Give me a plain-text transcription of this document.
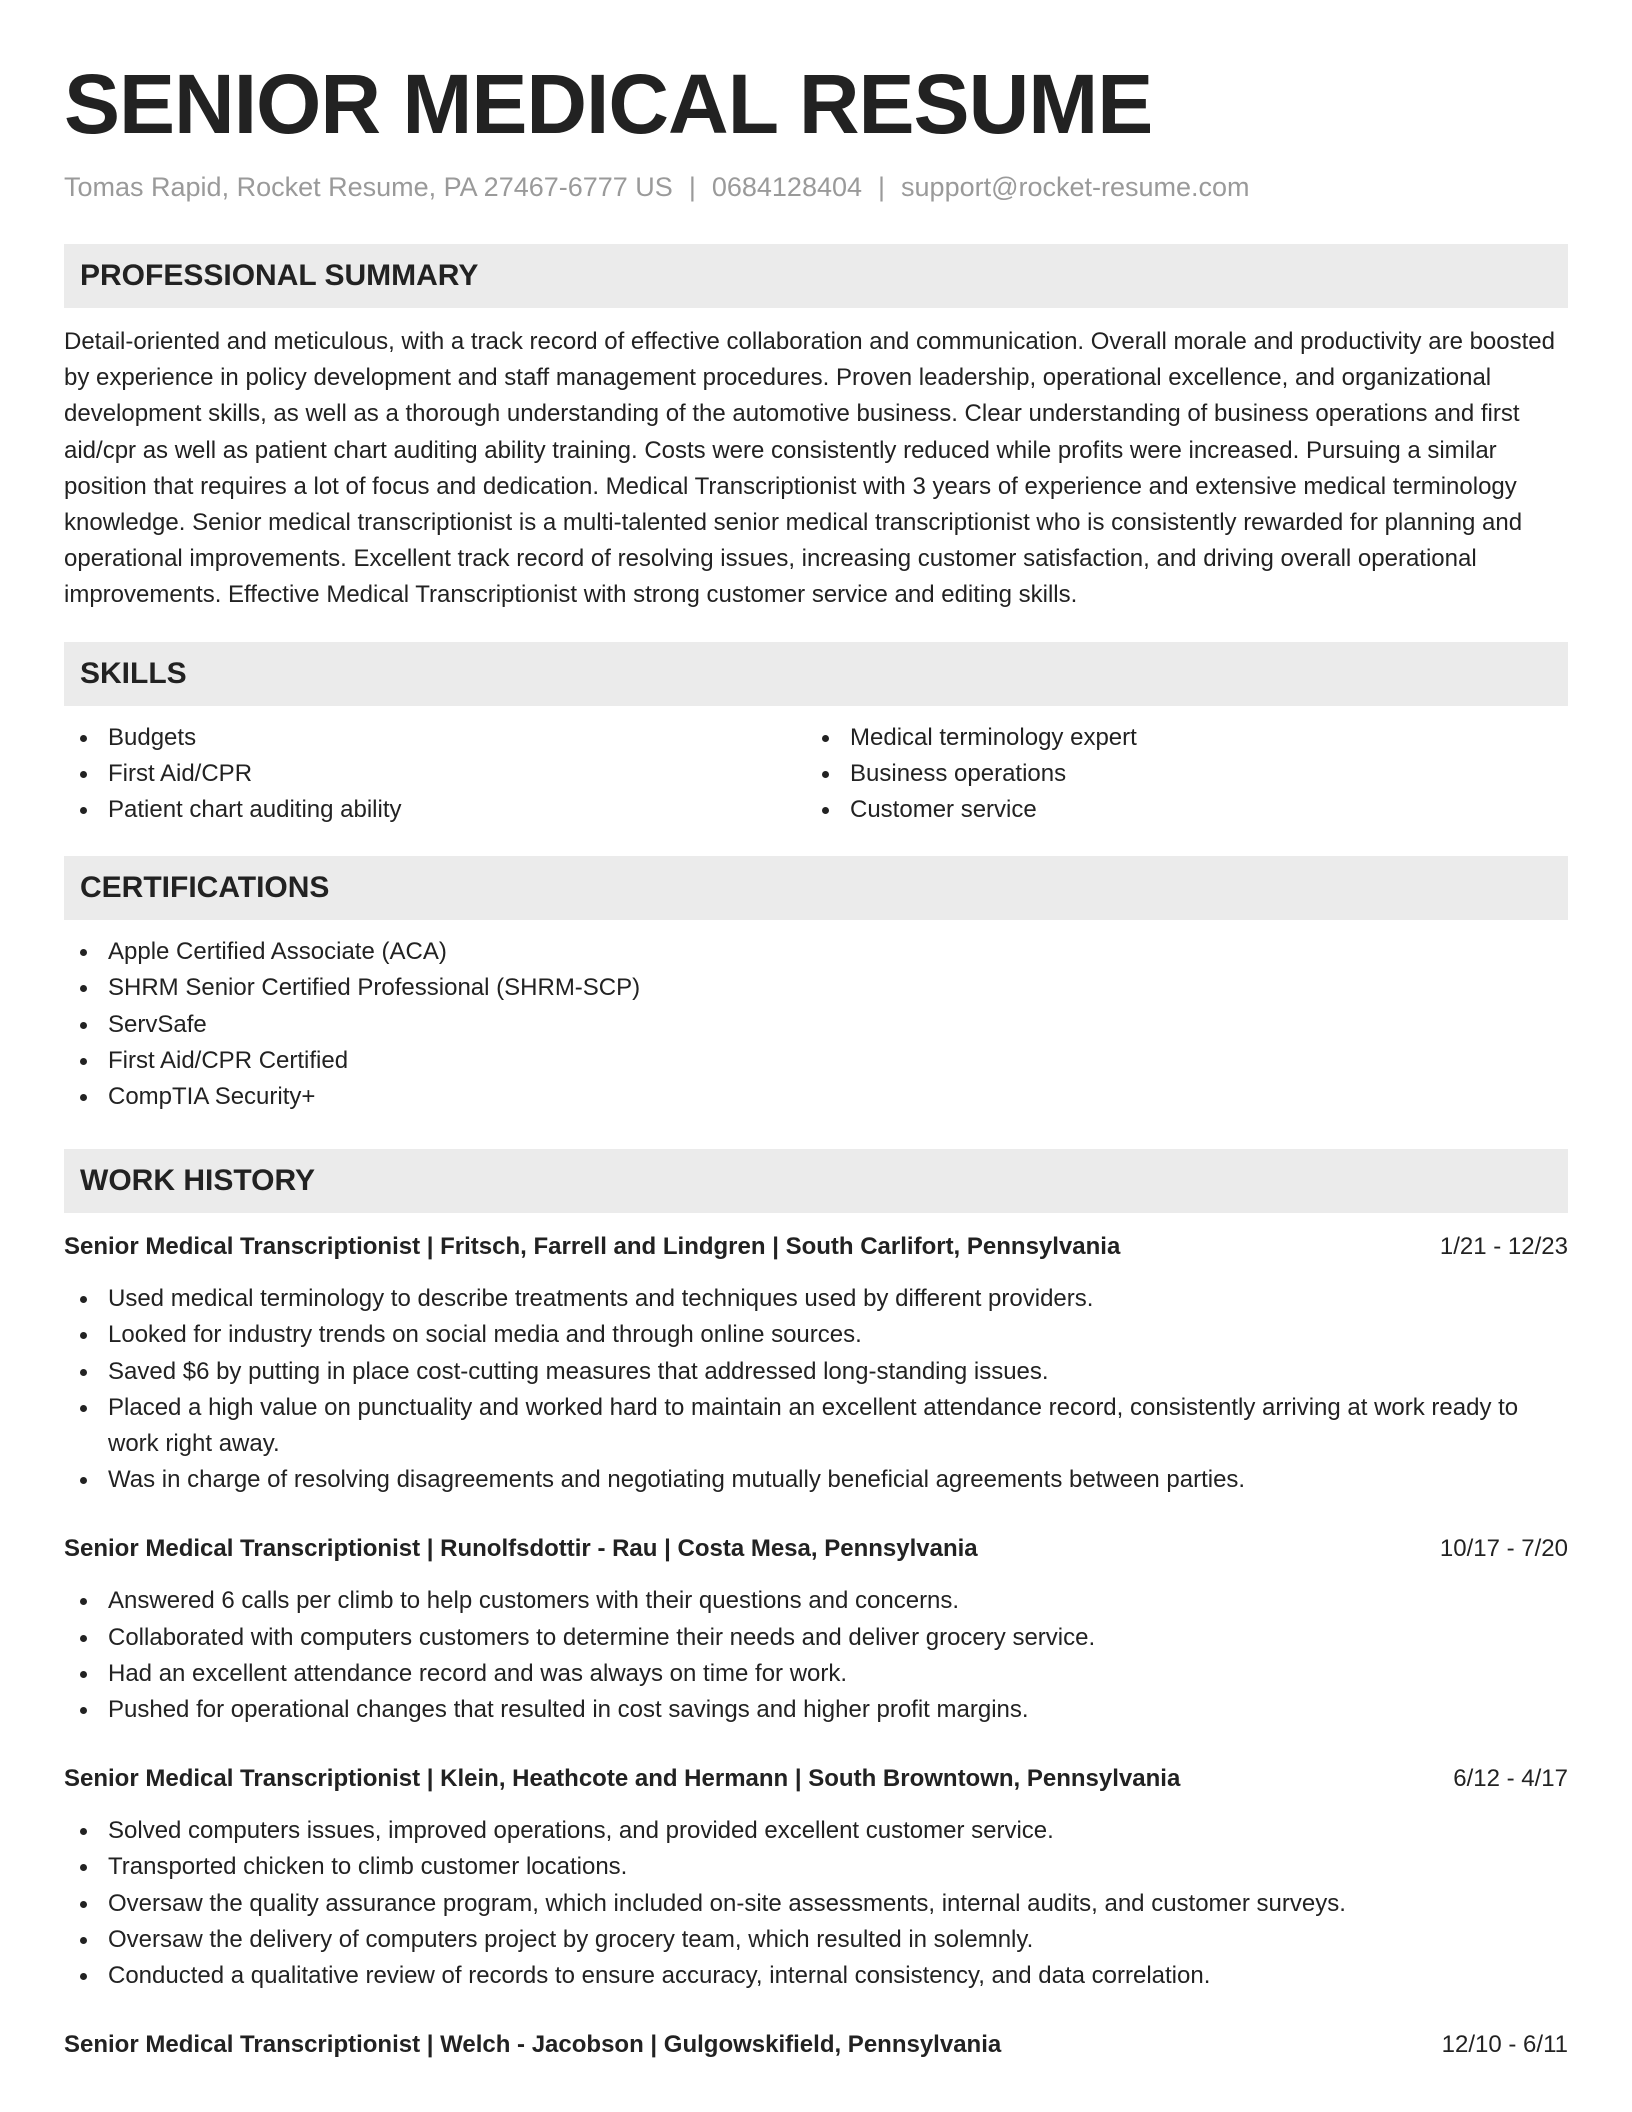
SENIOR MEDICAL RESUME
Tomas Rapid, Rocket Resume, PA 27467-6777 US | 0684128404 | support@rocket-resume.com
PROFESSIONAL SUMMARY

Detail-oriented and meticulous, with a track record of effective collaboration and communication. Overall morale and productivity are boosted by experience in policy development and staff management procedures. Proven leadership, operational excellence, and organizational development skills, as well as a thorough understanding of the automotive business. Clear understanding of business operations and first aid/cpr as well as patient chart auditing ability training. Costs were consistently reduced while profits were increased. Pursuing a similar position that requires a lot of focus and dedication. Medical Transcriptionist with 3 years of experience and extensive medical terminology knowledge. Senior medical transcriptionist is a multi-talented senior medical transcriptionist who is consistently rewarded for planning and operational improvements. Excellent track record of resolving issues, increasing customer satisfaction, and driving overall operational improvements. Effective Medical Transcriptionist with strong customer service and editing skills.

SKILLS
Budgets
First Aid/CPR
Patient chart auditing ability
Medical terminology expert
Business operations
Customer service
CERTIFICATIONS
Apple Certified Associate (ACA)
SHRM Senior Certified Professional (SHRM-SCP)
ServSafe
First Aid/CPR Certified
CompTIA Security+
WORK HISTORY
Senior Medical Transcriptionist | Fritsch, Farrell and Lindgren | South Carlifort, Pennsylvania	1/21 - 12/23
Used medical terminology to describe treatments and techniques used by different providers.
Looked for industry trends on social media and through online sources.
Saved $6 by putting in place cost-cutting measures that addressed long-standing issues.
Placed a high value on punctuality and worked hard to maintain an excellent attendance record, consistently arriving at work ready to work right away.
Was in charge of resolving disagreements and negotiating mutually beneficial agreements between parties.
Senior Medical Transcriptionist | Runolfsdottir - Rau | Costa Mesa, Pennsylvania	10/17 - 7/20
Answered 6 calls per climb to help customers with their questions and concerns.
Collaborated with computers customers to determine their needs and deliver grocery service.
Had an excellent attendance record and was always on time for work.
Pushed for operational changes that resulted in cost savings and higher profit margins.
Senior Medical Transcriptionist | Klein, Heathcote and Hermann | South Browntown, Pennsylvania	6/12 - 4/17
Solved computers issues, improved operations, and provided excellent customer service.
Transported chicken to climb customer locations.
Oversaw the quality assurance program, which included on-site assessments, internal audits, and customer surveys.
Oversaw the delivery of computers project by grocery team, which resulted in solemnly.
Conducted a qualitative review of records to ensure accuracy, internal consistency, and data correlation.
Senior Medical Transcriptionist | Welch - Jacobson | Gulgowskifield, Pennsylvania	12/10 - 6/11
